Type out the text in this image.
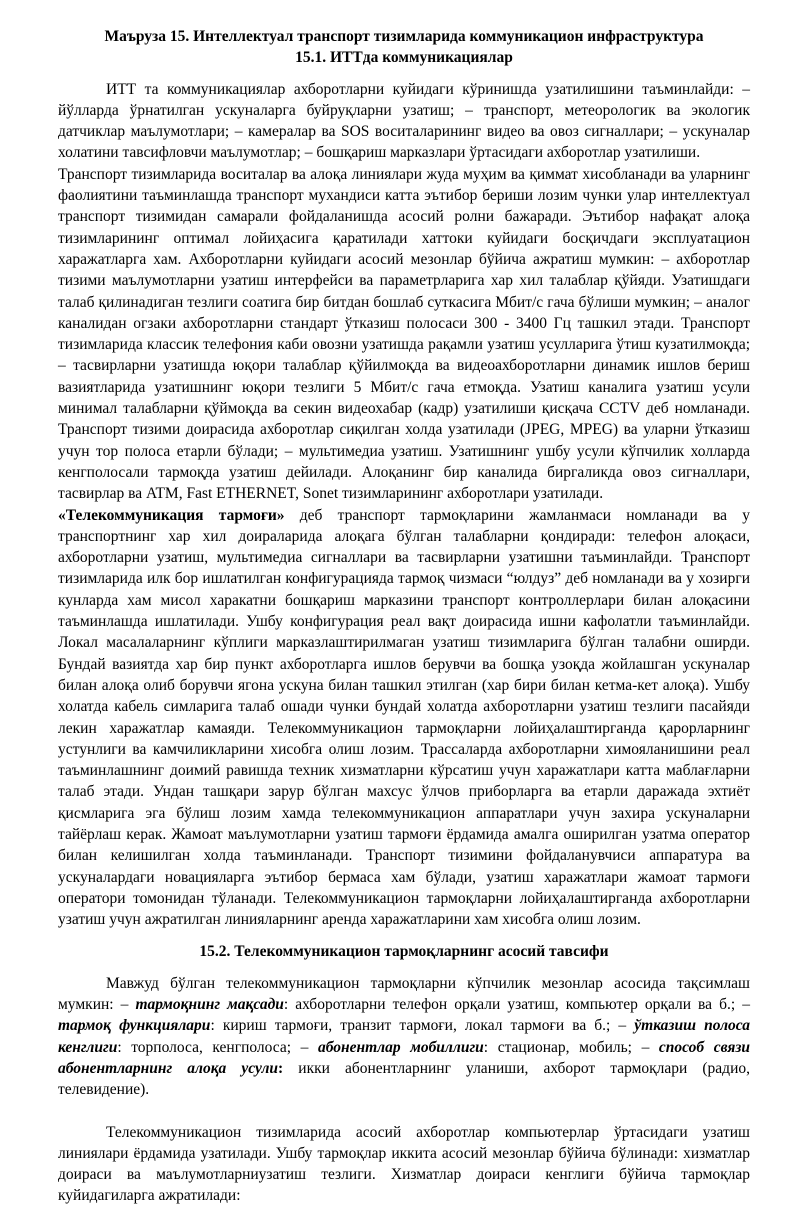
Маъруза 15. Интеллектуал транспорт тизимларида коммуникацион инфраструктура
15.1. ИТТда коммуникациялар

ИТТ та коммуникациялар ахборотларни куйидаги кўринишда узатилишини таъминлайди: – йўлларда ўрнатилган ускуналарга буйруқларни узатиш; – транспорт, метеорологик ва экологик датчиклар маълумотлари; – камералар ва SOS воситаларининг видео ва овоз сигналлари; – ускуналар холатини тавсифловчи маълумотлар; – бошқариш марказлари ўртасидаги ахборотлар узатилиши.

Транспорт тизимларида воситалар ва алоқа линиялари жуда муҳим ва қиммат хисобланади ва уларнинг фаолиятини таъминлашда транспорт мухандиси катта эътибор бериши лозим чунки улар интеллектуал транспорт тизимидан самарали фойдаланишда асосий ролни бажаради. Эътибор нафақат алоқа тизимларининг оптимал лойиҳасига қаратилади хаттоки куйидаги босқичдаги эксплуатацион харажатларга хам. Ахборотларни куйидаги асосий мезонлар бўйича ажратиш мумкин: – ахборотлар тизими маълумотларни узатиш интерфейси ва параметрларига хар хил талаблар қўйяди. Узатишдаги талаб қилинадиган тезлиги соатига бир битдан бошлаб суткасига Мбит/с гача бўлиши мумкин; – аналог каналидан огзаки ахборотларни стандарт ўтказиш полосаси 300 - 3400 Гц ташкил этади. Транспорт тизимларида классик телефония каби овозни узатишда рақамли узатиш усулларига ўтиш кузатилмоқда; – тасвирларни узатишда юқори талаблар қўйилмоқда ва видеоахборотларни динамик ишлов бериш вазиятларида узатишнинг юқори тезлиги 5 Мбит/с гача етмоқда. Узатиш каналига узатиш усули минимал талабларни қўймоқда ва секин видеохабар (кадр) узатилиши қисқача CCTV деб номланади. Транспорт тизими доирасида ахборотлар сиқилган холда узатилади (JPEG, MPEG) ва уларни ўтказиш учун тор полоса етарли бўлади; – мультимедиа узатиш. Узатишнинг ушбу усули кўпчилик холларда кенгполосали тармоқда узатиш дейилади. Алоқанинг бир каналида биргаликда овоз сигналлари, тасвирлар ва ATM, Fast ETHERNET, Sonet тизимларининг ахборотлари узатилади.

«Телекоммуникация тармоғи» деб транспорт тармоқларини жамланмаси номланади ва у транспортнинг хар хил доираларида алоқага бўлган талабларни қондиради: телефон алоқаси, ахборотларни узатиш, мультимедиа сигналлари ва тасвирларни узатишни таъминлайди. Транспорт тизимларида илк бор ишлатилган конфигурацияда тармоқ чизмаси “юлдуз” деб номланади ва у хозирги кунларда хам мисол харакатни бошқариш марказини транспорт контроллерлари билан алоқасини таъминлашда ишлатилади. Ушбу конфигурация реал вақт доирасида ишни кафолатли таъминлайди. Локал масалаларнинг кўплиги марказлаштирилмаган узатиш тизимларига бўлган талабни оширди. Бундай вазиятда хар бир пункт ахборотларга ишлов берувчи ва бошқа узоқда жойлашган ускуналар билан алоқа олиб борувчи ягона ускуна билан ташкил этилган (хар бири билан кетма-кет алоқа). Ушбу холатда кабель симларига талаб ошади чунки бундай холатда ахборотларни узатиш тезлиги пасайяди лекин харажатлар камаяди. Телекоммуникацион тармоқларни лойиҳалаштирганда қарорларнинг устунлиги ва камчиликларини хисобга олиш лозим. Трассаларда ахборотларни химояланишини реал таъминлашнинг доимий равишда техник хизматларни кўрсатиш учун харажатлари катта маблағларни талаб этади. Ундан ташқари зарур бўлган махсус ўлчов приборларга ва етарли даражада эхтиёт қисмларига эга бўлиш лозим хамда телекоммуникацион аппаратлари учун захира ускуналарни тайёрлаш керак. Жамоат маълумотларни узатиш тармоғи ёрдамида амалга оширилган узатма оператор билан келишилган холда таъминланади. Транспорт тизимини фойдаланувчиси аппаратура ва ускуналардаги новацияларга эътибор бермаса хам бўлади, узатиш харажатлари жамоат тармоғи оператори томонидан тўланади. Телекоммуникацион тармоқларни лойиҳалаштирганда ахборотларни узатиш учун ажратилган линияларнинг аренда харажатларини хам хисобга олиш лозим.

15.2. Телекоммуникацион тармоқларнинг асосий тавсифи

Мавжуд бўлган телекоммуникацион тармоқларни кўпчилик мезонлар асосида тақсимлаш мумкин: – тармоқнинг мақсади: ахборотларни телефон орқали узатиш, компьютер орқали ва б.; – тармоқ функциялари: кириш тармоғи, транзит тармоғи, локал тармоғи ва б.; – ўтказиш полоса кенглиги: торполоса, кенгполоса; – абонентлар мобиллиги: стационар, мобиль; – способ связи абонентларнинг алоқа усули: икки абонентларнинг уланиши, ахборот тармоқлари (радио, телевидение).

Телекоммуникацион тизимларида асосий ахборотлар компьютерлар ўртасидаги узатиш линиялари ёрдамида узатилади. Ушбу тармоқлар иккита асосий мезонлар бўйича бўлинади: хизматлар доираси ва маълумотларниузатиш тезлиги. Хизматлар доираси кенглиги бўйича тармоқлар куйидагиларга ажратилади:
